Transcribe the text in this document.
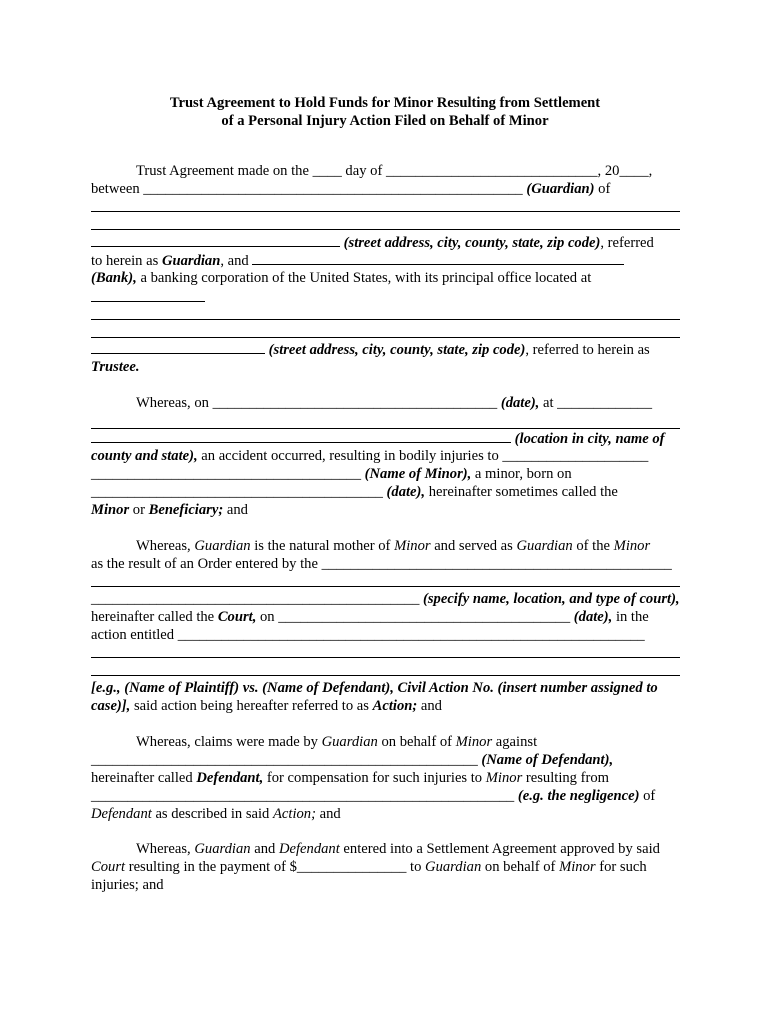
Trust Agreement to Hold Funds for Minor Resulting from Settlement
of a Personal Injury Action Filed on Behalf of Minor
Trust Agreement made on the ____ day of _____________________________, 20____,
between ____________________________________________________ (Guardian) of
(street address, city, county, state, zip code), referred
to herein as Guardian, and
(Bank), a banking corporation of the United States, with its principal office located at
(street address, city, county, state, zip code), referred to herein as
Trustee.
Whereas, on _______________________________________ (date), at _____________
(location in city, name of
county and state), an accident occurred, resulting in bodily injuries to ____________________
_____________________________________ (Name of Minor), a minor, born on
________________________________________ (date), hereinafter sometimes called the
Minor or Beneficiary; and
Whereas, Guardian is the natural mother of Minor and served as Guardian of the Minor
as the result of an Order entered by the ________________________________________________
_____________________________________________ (specify name, location, and type of court),
hereinafter called the Court, on ________________________________________ (date), in the
action entitled ________________________________________________________________
[e.g., (Name of Plaintiff) vs. (Name of Defendant), Civil Action No. (insert number assigned to
case)], said action being hereafter referred to as Action; and
Whereas, claims were made by Guardian on behalf of Minor against
_____________________________________________________ (Name of Defendant),
hereinafter called Defendant, for compensation for such injuries to Minor resulting from
__________________________________________________________ (e.g. the negligence) of
Defendant as described in said Action; and
Whereas, Guardian and Defendant entered into a Settlement Agreement approved by said
Court resulting in the payment of $_______________ to Guardian on behalf of Minor for such
injuries; and
